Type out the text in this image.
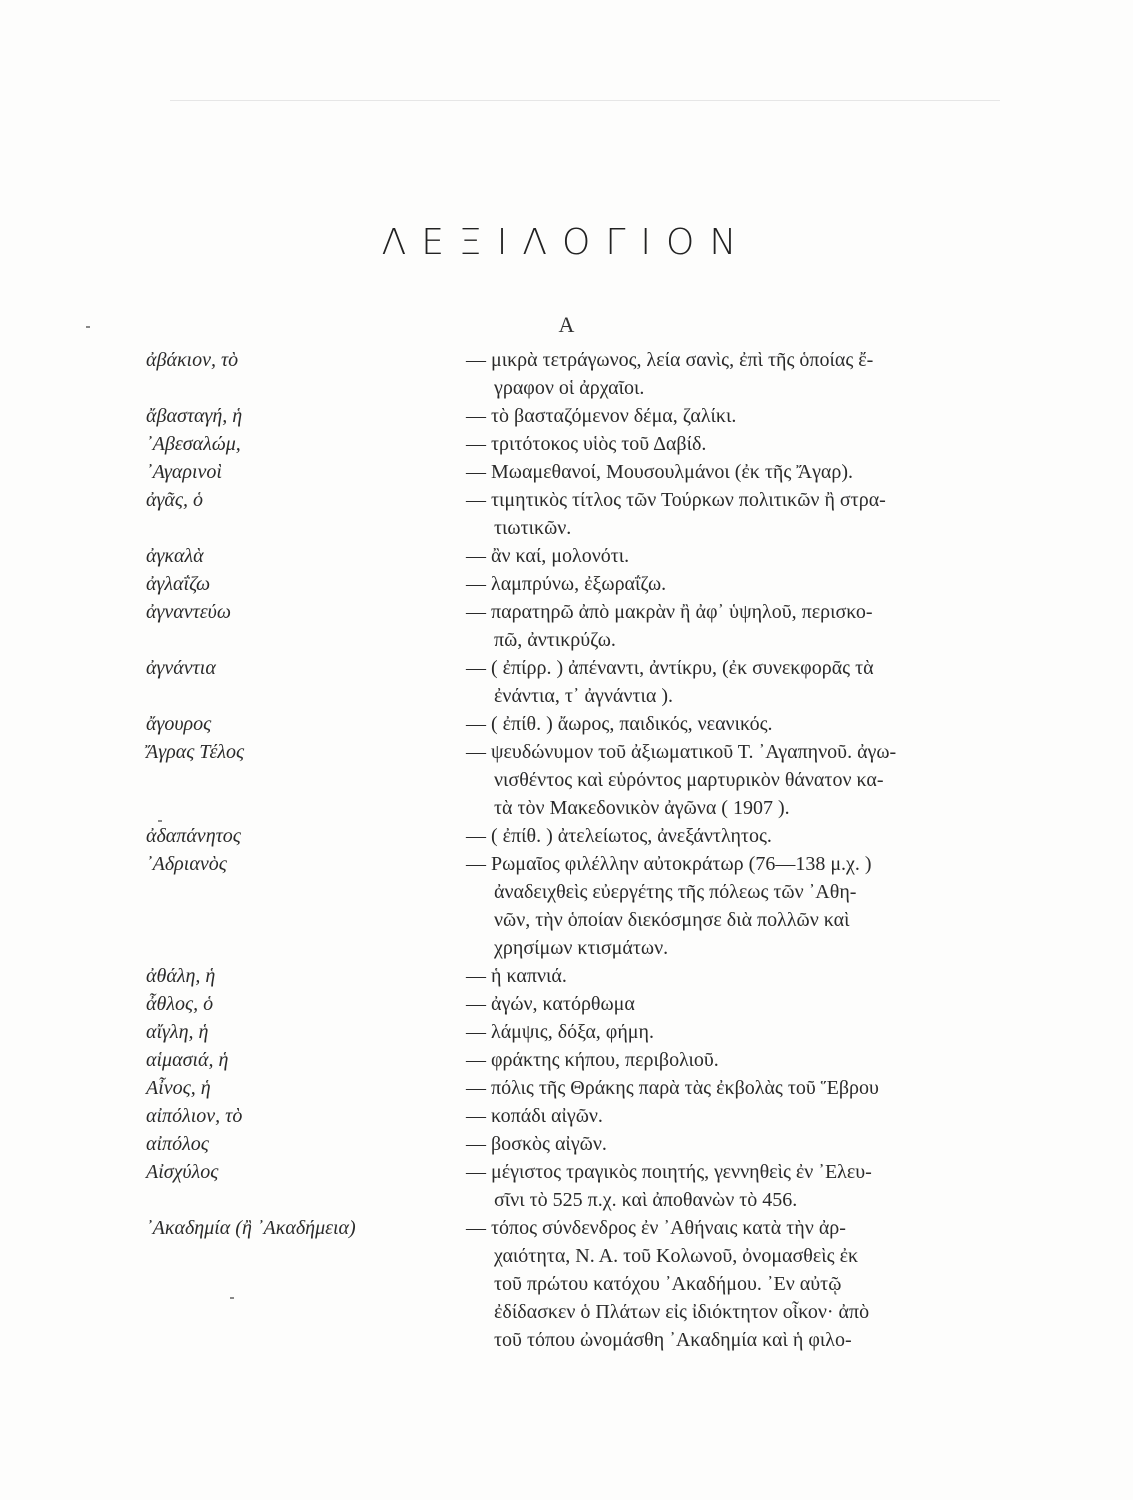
ΛΕΞΙΛΟΓΙΟΝ
Α
ἀβάκιον, τὸ	— μικρὰ τετράγωνος, λεία σανὶς, ἐπὶ τῆς ὁποίας ἔ-
γραφον οἱ ἀρχαῖοι.
ἄβασταγή, ἡ	— τὸ βασταζόμενον δέμα, ζαλίκι.
᾿Αβεσαλώμ,	— τριτότοκος υἱὸς τοῦ Δαβίδ.
᾿Αγαρινοὶ	— Μωαμεθανοί, Μουσουλμάνοι (ἐκ τῆς Ἄγαρ).
ἀγᾶς, ὁ	— τιμητικὸς τίτλος τῶν Τούρκων πολιτικῶν ἢ στρα-
τιωτικῶν.
ἀγκαλὰ	— ἂν καί, μολονότι.
ἀγλαΐζω	— λαμπρύνω, ἐξωραΐζω.
ἀγναντεύω	— παρατηρῶ ἀπὸ μακρὰν ἢ ἀφ᾿ ὑψηλοῦ, περισκο-
πῶ, ἀντικρύζω.
ἀγνάντια	— ( ἐπίρρ. ) ἀπέναντι, ἀντίκρυ, (ἐκ συνεκφορᾶς τὰ
ἐνάντια, τ᾿ ἀγνάντια ).
ἄγουρος	— ( ἐπίθ. ) ἄωρος, παιδικός, νεανικός.
Ἄγρας Τέλος	— ψευδώνυμον τοῦ ἀξιωματικοῦ Τ. ᾿Αγαπηνοῦ. ἀγω-
νισθέντος καὶ εὑρόντος μαρτυρικὸν θάνατον κα-
τὰ τὸν Μακεδονικὸν ἀγῶνα ( 1907 ).
ἀδαπάνητος	— ( ἐπίθ. ) ἀτελείωτος, ἀνεξάντλητος.
᾿Αδριανὸς	— Ρωμαῖος φιλέλλην αὐτοκράτωρ (76—138 μ.χ. )
ἀναδειχθεὶς εὐεργέτης τῆς πόλεως τῶν ᾿Αθη-
νῶν, τὴν ὁποίαν διεκόσμησε διὰ πολλῶν καὶ
χρησίμων κτισμάτων.
ἀθάλη, ἡ	— ἡ καπνιά.
ἆθλος, ὁ	— ἀγών, κατόρθωμα
αἴγλη, ἡ	— λάμψις, δόξα, φήμη.
αἱμασιά, ἡ	— φράκτης κήπου, περιβολιοῦ.
Αἶνος, ἡ	— πόλις τῆς Θράκης παρὰ τὰς ἐκβολὰς τοῦ Ἕβρου
αἰπόλιον, τὸ	— κοπάδι αἰγῶν.
αἰπόλος	— βοσκὸς αἰγῶν.
Αἰσχύλος	— μέγιστος τραγικὸς ποιητής, γεννηθεὶς ἐν ᾿Ελευ-
σῖνι τὸ 525 π.χ. καὶ ἀποθανὼν τὸ 456.
᾿Ακαδημία (ἢ ᾿Ακαδήμεια)	— τόπος σύνδενδρος ἐν ᾿Αθήναις κατὰ τὴν ἀρ-
χαιότητα, Ν. Α. τοῦ Κολωνοῦ, ὀνομασθεὶς ἐκ
τοῦ πρώτου κατόχου ᾿Ακαδήμου. ᾿Εν αὐτῷ
ἐδίδασκεν ὁ Πλάτων εἰς ἰδιόκτητον οἶκον· ἀπὸ
τοῦ τόπου ὠνομάσθη ᾿Ακαδημία καὶ ἡ φιλο-
